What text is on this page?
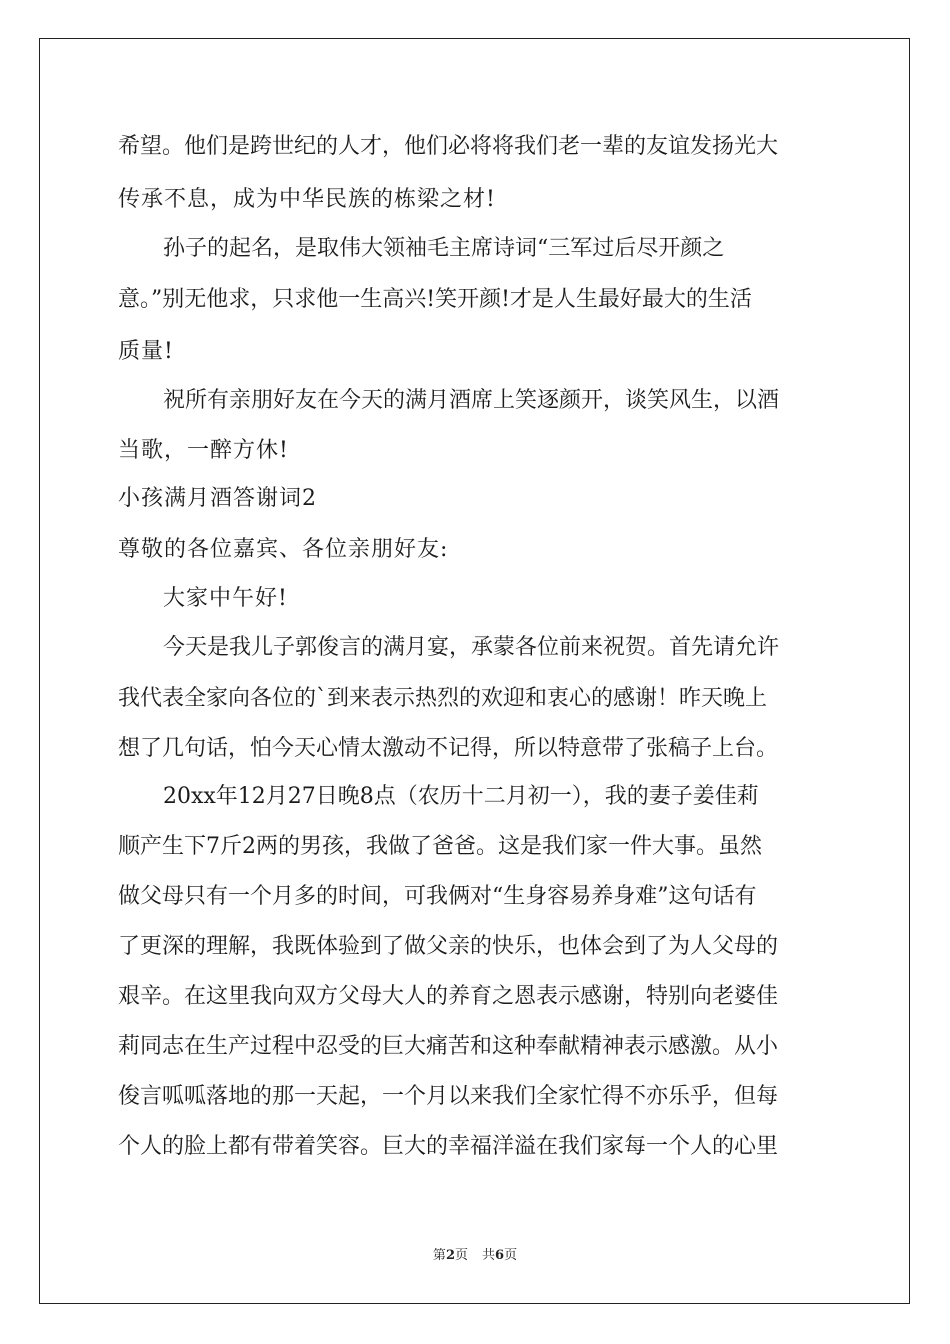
希望。他们是跨世纪的人才，他们必将将我们老一辈的友谊发扬光大
传承不息，成为中华民族的栋梁之材!
孙子的起名，是取伟大领袖毛主席诗词“三军过后尽开颜之
意。”别无他求，只求他一生高兴!笑开颜!才是人生最好最大的生活
质量!
祝所有亲朋好友在今天的满月酒席上笑逐颜开，谈笑风生，以酒
当歌，一醉方休!
小孩满月酒答谢词2
尊敬的各位嘉宾、各位亲朋好友:
大家中午好!
今天是我儿子郭俊言的满月宴，承蒙各位前来祝贺。首先请允许
我代表全家向各位的`到来表示热烈的欢迎和衷心的感谢！昨天晚上
想了几句话，怕今天心情太激动不记得，所以特意带了张稿子上台。
20xx年12月27日晚8点（农历十二月初一），我的妻子姜佳莉
顺产生下7斤2两的男孩，我做了爸爸。这是我们家一件大事。虽然
做父母只有一个月多的时间，可我俩对“生身容易养身难”这句话有
了更深的理解，我既体验到了做父亲的快乐，也体会到了为人父母的
艰辛。在这里我向双方父母大人的养育之恩表示感谢，特别向老婆佳
莉同志在生产过程中忍受的巨大痛苦和这种奉献精神表示感激。从小
俊言呱呱落地的那一天起，一个月以来我们全家忙得不亦乐乎，但每
个人的脸上都有带着笑容。巨大的幸福洋溢在我们家每一个人的心里
第2页 共6页
